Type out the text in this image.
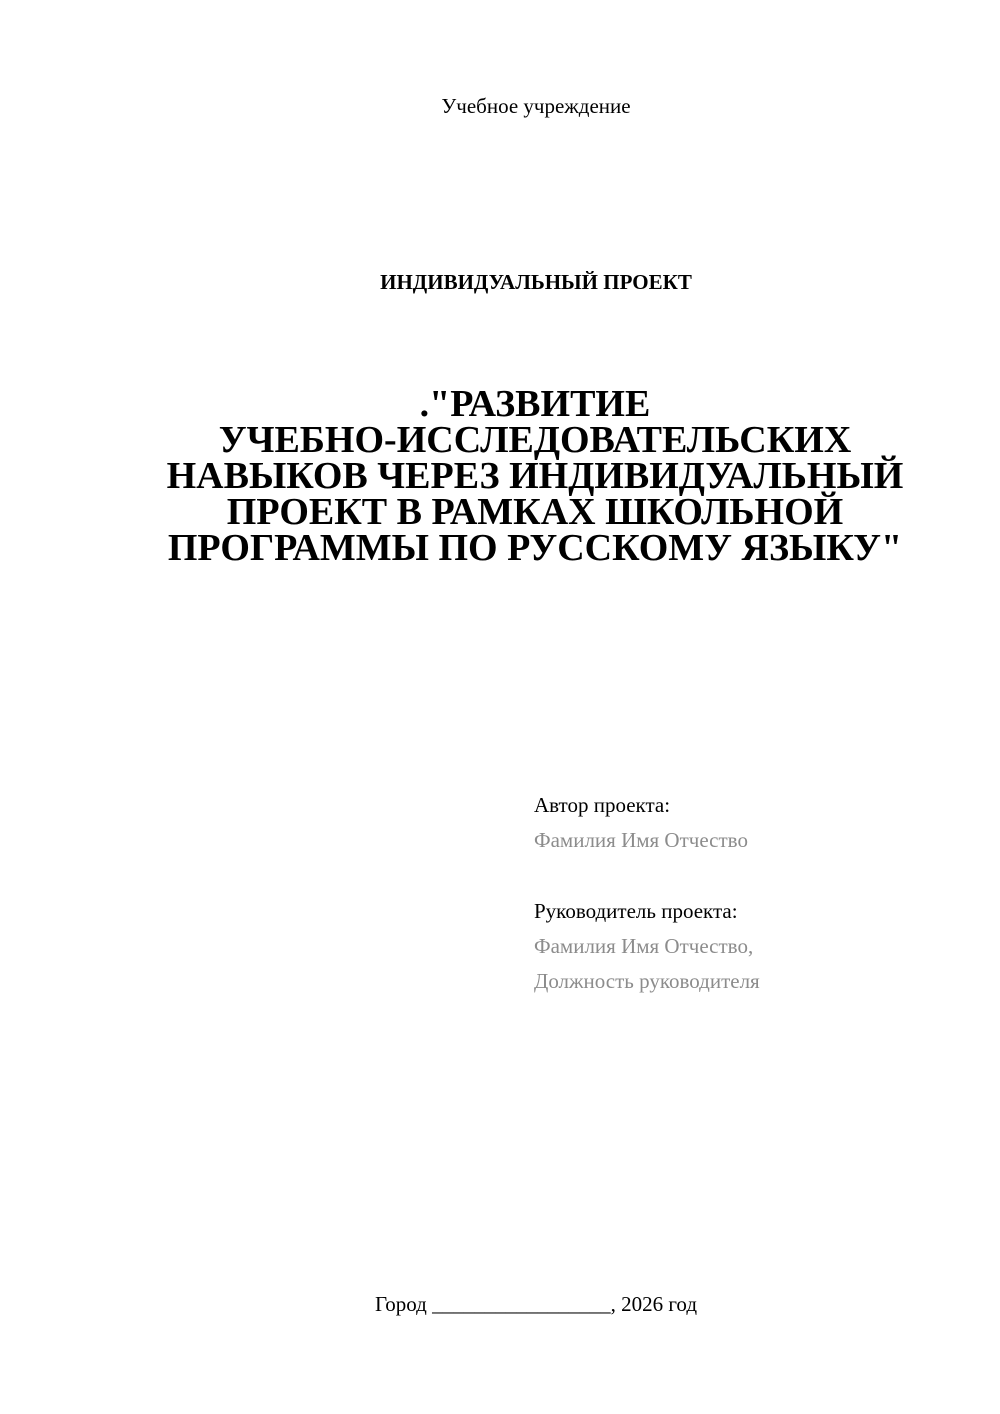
Учебное учреждение
ИНДИВИДУАЛЬНЫЙ ПРОЕКТ
."РАЗВИТИЕ
УЧЕБНО-ИССЛЕДОВАТЕЛЬСКИХ
НАВЫКОВ ЧЕРЕЗ ИНДИВИДУАЛЬНЫЙ
ПРОЕКТ В РАМКАХ ШКОЛЬНОЙ
ПРОГРАММЫ ПО РУССКОМУ ЯЗЫКУ"
Автор проекта:
Фамилия Имя Отчество
Руководитель проекта:
Фамилия Имя Отчество,
Должность руководителя
Город _________________, 2026 год
